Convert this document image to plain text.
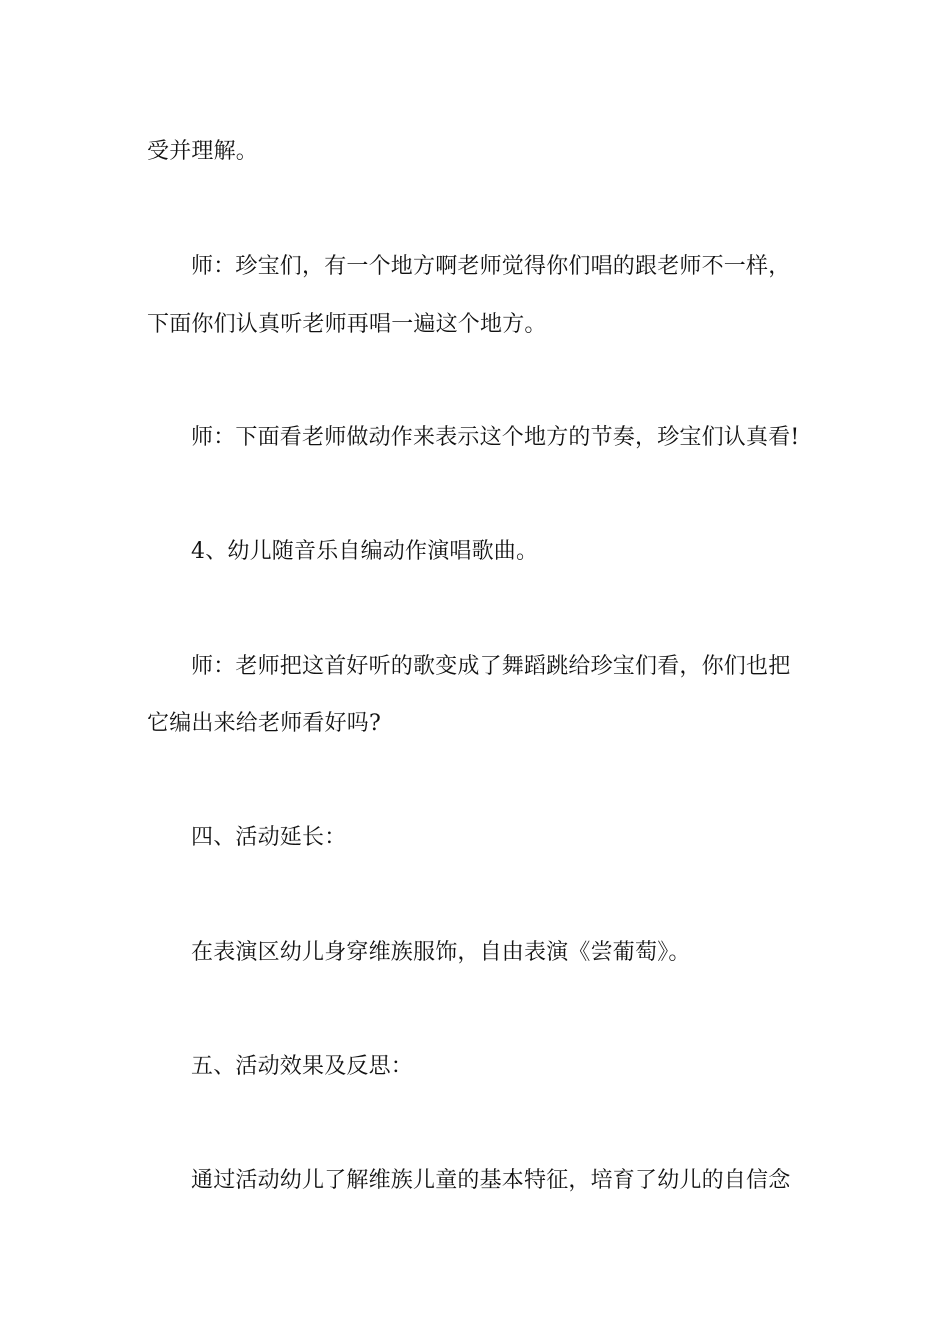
受并理解。
师：珍宝们，有一个地方啊老师觉得你们唱的跟老师不一样，
下面你们认真听老师再唱一遍这个地方。
师：下面看老师做动作来表示这个地方的节奏，珍宝们认真看!
4、幼儿随音乐自编动作演唱歌曲。
师：老师把这首好听的歌变成了舞蹈跳给珍宝们看，你们也把
它编出来给老师看好吗?
四、活动延长：
在表演区幼儿身穿维族服饰，自由表演《尝葡萄》。
五、活动效果及反思：
通过活动幼儿了解维族儿童的基本特征，培育了幼儿的自信念
